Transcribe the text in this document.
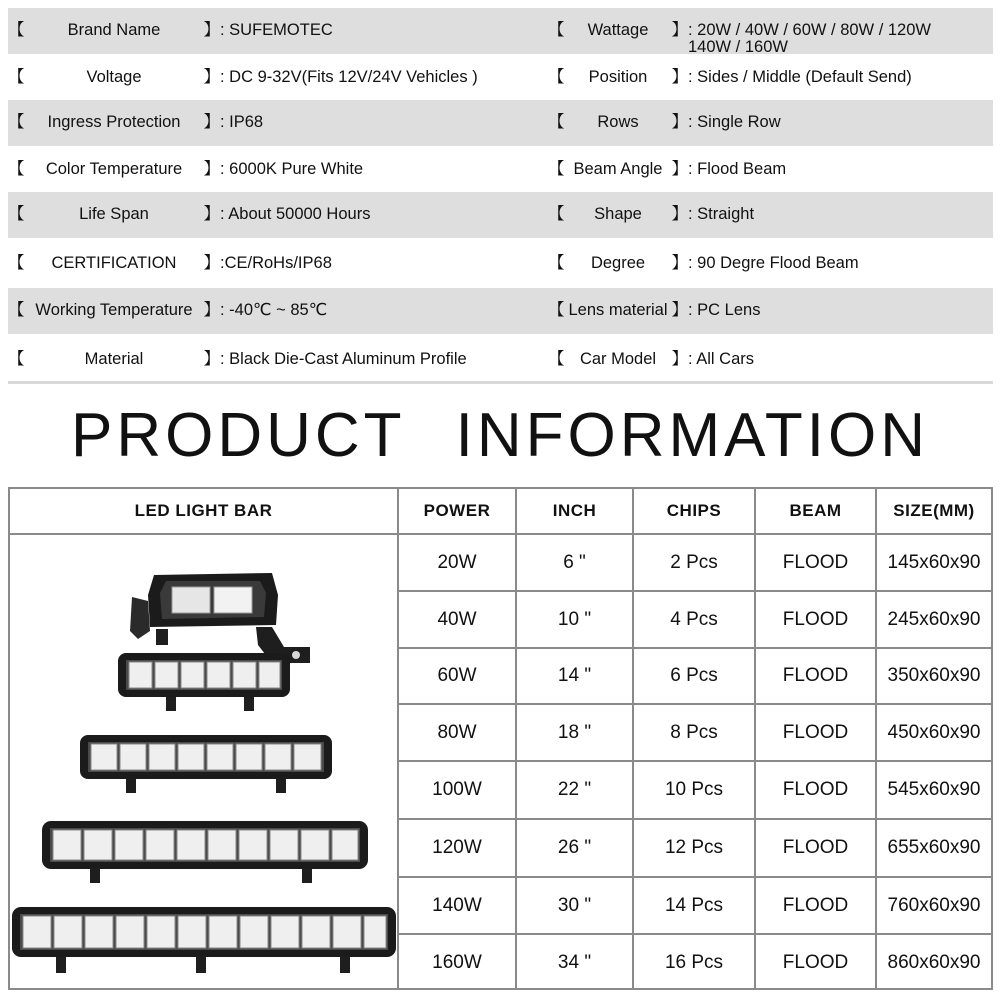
【	Brand Name	】 : SUFEMOTEC	【	Wattage	】 : 20W / 40W / 60W / 80W / 120W
140W / 160W
【	Voltage	】 : DC 9-32V(Fits 12V/24V Vehicles )	【	Position	】 : Sides / Middle (Default Send)
【	Ingress Protection	】 : IP68	【	Rows	】 : Single Row
【	Color Temperature	】 : 6000K Pure White	【 Beam Angle 】 : Flood Beam
【	Life Span	】 : About 50000 Hours	【	Shape	】 : Straight
【	CERTIFICATION	】 :CE/RoHs/IP68	【	Degree	】 : 90 Degre Flood Beam
【 Working Temperature 】 : -40℃ ~ 85℃	【 Lens material 】 : PC Lens
【	Material	】 : Black Die-Cast Aluminum Profile	【 Car Model 】 : All Cars
PRODUCT INFORMATION
LED LIGHT BAR	POWER	INCH	CHIPS	BEAM	SIZE(MM)
20W	6 "	2 Pcs	FLOOD	145x60x90
40W	10 "	4 Pcs	FLOOD	245x60x90
60W	14 "	6 Pcs	FLOOD	350x60x90
80W	18 "	8 Pcs	FLOOD	450x60x90
100W	22 "	10 Pcs	FLOOD	545x60x90
120W	26 "	12 Pcs	FLOOD	655x60x90
140W	30 "	14 Pcs	FLOOD	760x60x90
160W	34 "	16 Pcs	FLOOD	860x60x90
